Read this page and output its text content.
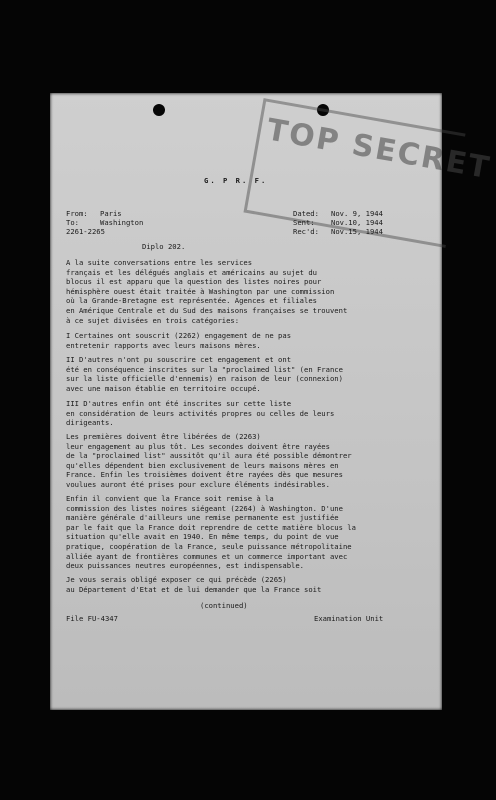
TOP SECRET
G. P R. F.
From: Paris
To:	Washington
2261-2265
Dated: Nov. 9, 1944
Sent: Nov.10, 1944
Rec'd: Nov.15, 1944
Diplo 202.
A la suite conversations entre les services
français et les délégués anglais et américains au sujet du
blocus il est apparu que la question des listes noires pour
hémisphère ouest était traitée à Washington par une commission
où la Grande-Bretagne est représentée. Agences et filiales
en Amérique Centrale et du Sud des maisons françaises se trouvent
à ce sujet divisées en trois catégories:
I Certaines ont souscrit (2262) engagement de ne pas
entretenir rapports avec leurs maisons mères.
II D'autres n'ont pu souscrire cet engagement et ont
été en conséquence inscrites sur la "proclaimed list" (en France
sur la liste officielle d'ennemis) en raison de leur (connexion)
avec une maison établie en territoire occupé.
III D'autres enfin ont été inscrites sur cette liste
en considération de leurs activités propres ou celles de leurs
dirigeants.
Les premières doivent être libérées de (2263)
leur engagement au plus tôt. Les secondes doivent être rayées
de la "proclaimed list" aussitôt qu'il aura été possible démontrer
qu'elles dépendent bien exclusivement de leurs maisons mères en
France. Enfin les troisièmes doivent être rayées dès que mesures
voulues auront été prises pour exclure éléments indésirables.
Enfin il convient que la France soit remise à la
commission des listes noires siégeant (2264) à Washington. D'une
manière générale d'ailleurs une remise permanente est justifiée
par le fait que la France doit reprendre de cette matière blocus la
situation qu'elle avait en 1940. En même temps, du point de vue
pratique, coopération de la France, seule puissance métropolitaine
alliée ayant de frontières communes et un commerce important avec
deux puissances neutres européennes, est indispensable.
Je vous serais obligé exposer ce qui précède (2265)
au Département d'Etat et de lui demander que la France soit
(continued)
File FU-4347	Examination Unit
